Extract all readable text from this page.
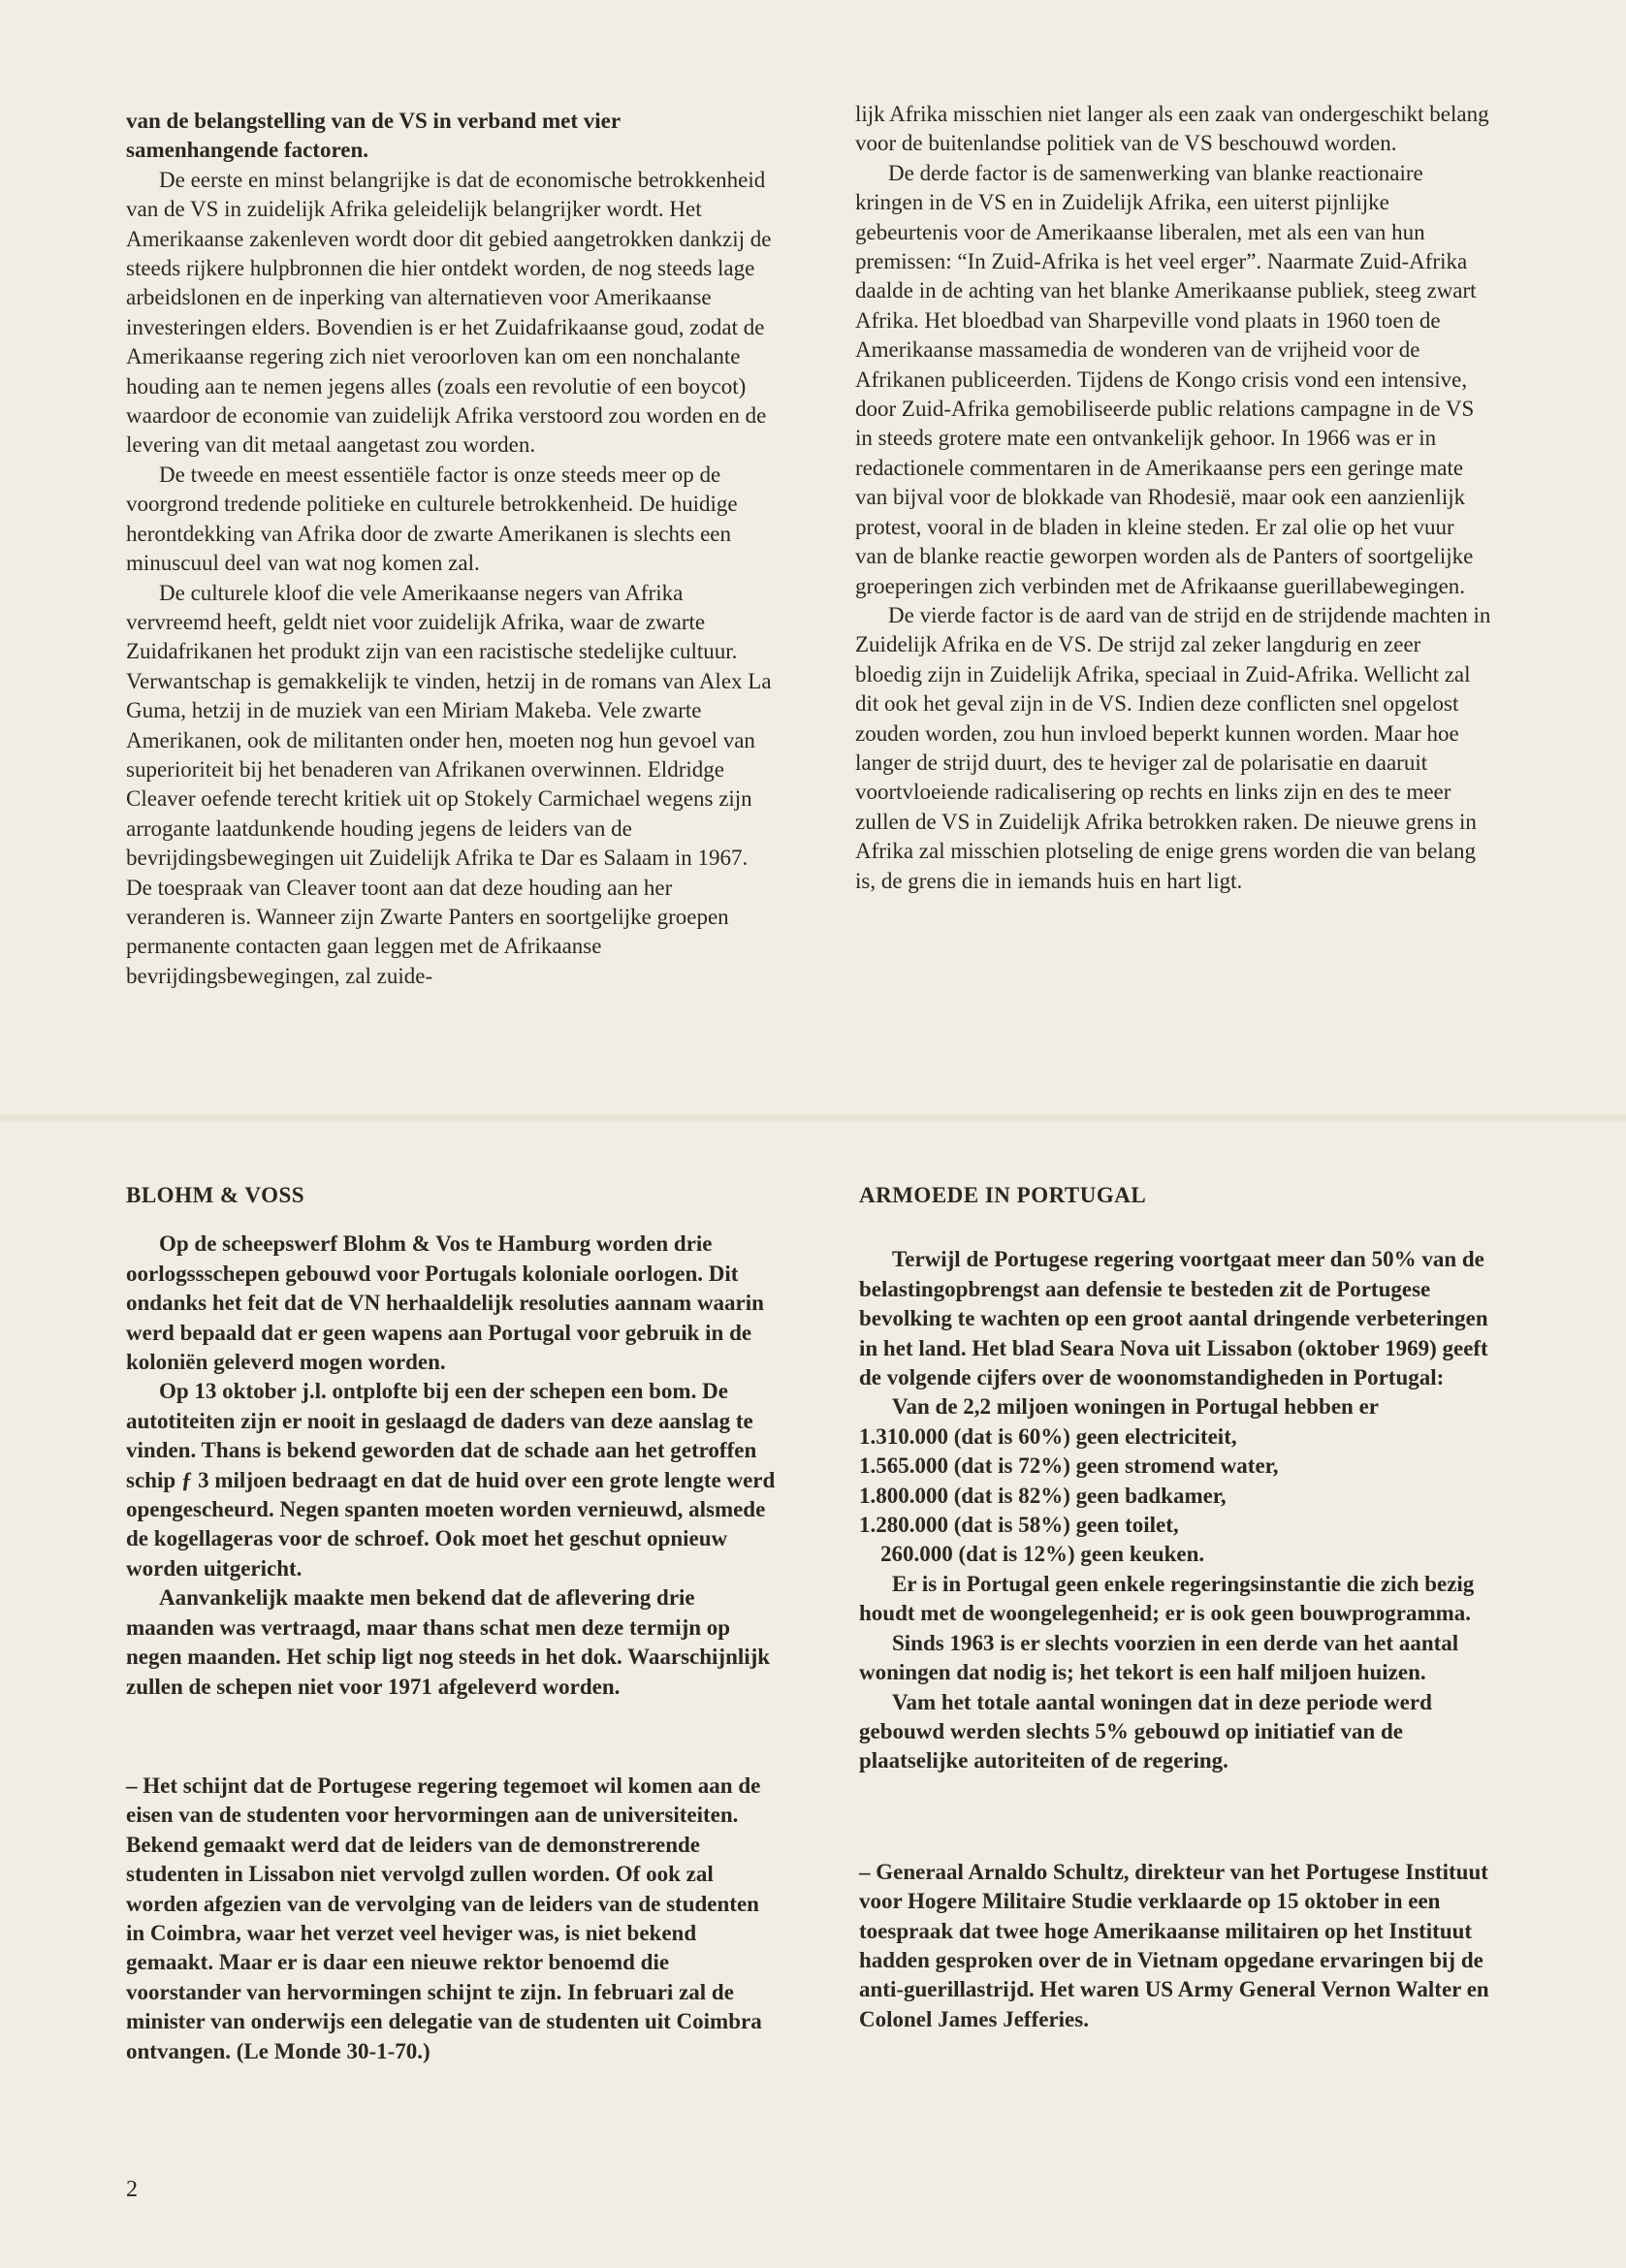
van de belangstelling van de VS in verband met vier samenhangende factoren.

De eerste en minst belangrijke is dat de economische betrokkenheid van de VS in zuidelijk Afrika geleidelijk belangrijker wordt. Het Amerikaanse zakenleven wordt door dit gebied aangetrokken dankzij de steeds rijkere hulpbronnen die hier ontdekt worden, de nog steeds lage arbeidslonen en de inperking van alternatieven voor Amerikaanse investeringen elders. Bovendien is er het Zuidafrikaanse goud, zodat de Amerikaanse regering zich niet veroorloven kan om een nonchalante houding aan te nemen jegens alles (zoals een revolutie of een boycot) waardoor de economie van zuidelijk Afrika verstoord zou worden en de levering van dit metaal aangetast zou worden.

De tweede en meest essentiële factor is onze steeds meer op de voorgrond tredende politieke en culturele betrokkenheid. De huidige herontdekking van Afrika door de zwarte Amerikanen is slechts een minuscuul deel van wat nog komen zal.

De culturele kloof die vele Amerikaanse negers van Afrika vervreemd heeft, geldt niet voor zuidelijk Afrika, waar de zwarte Zuidafrikanen het produkt zijn van een racistische stedelijke cultuur. Verwantschap is gemakkelijk te vinden, hetzij in de romans van Alex La Guma, hetzij in de muziek van een Miriam Makeba. Vele zwarte Amerikanen, ook de militanten onder hen, moeten nog hun gevoel van superioriteit bij het benaderen van Afrikanen overwinnen. Eldridge Cleaver oefende terecht kritiek uit op Stokely Carmichael wegens zijn arrogante laatdunkende houding jegens de leiders van de bevrijdingsbewegingen uit Zuidelijk Afrika te Dar es Salaam in 1967. De toespraak van Cleaver toont aan dat deze houding aan her veranderen is. Wanneer zijn Zwarte Panters en soortgelijke groepen permanente contacten gaan leggen met de Afrikaanse bevrijdingsbewegingen, zal zuide-

lijk Afrika misschien niet langer als een zaak van ondergeschikt belang voor de buitenlandse politiek van de VS beschouwd worden.

De derde factor is de samenwerking van blanke reactionaire kringen in de VS en in Zuidelijk Afrika, een uiterst pijnlijke gebeurtenis voor de Amerikaanse liberalen, met als een van hun premissen: “In Zuid-Afrika is het veel erger”. Naarmate Zuid-Afrika daalde in de achting van het blanke Amerikaanse publiek, steeg zwart Afrika. Het bloedbad van Sharpeville vond plaats in 1960 toen de Amerikaanse massamedia de wonderen van de vrijheid voor de Afrikanen publiceerden. Tijdens de Kongo crisis vond een intensive, door Zuid-Afrika gemobiliseerde public relations campagne in de VS in steeds grotere mate een ontvankelijk gehoor. In 1966 was er in redactionele commentaren in de Amerikaanse pers een geringe mate van bijval voor de blokkade van Rhodesië, maar ook een aanzienlijk protest, vooral in de bladen in kleine steden. Er zal olie op het vuur van de blanke reactie geworpen worden als de Panters of soortgelijke groeperingen zich verbinden met de Afrikaanse guerillabewegingen.

De vierde factor is de aard van de strijd en de strijdende machten in Zuidelijk Afrika en de VS. De strijd zal zeker langdurig en zeer bloedig zijn in Zuidelijk Afrika, speciaal in Zuid-Afrika. Wellicht zal dit ook het geval zijn in de VS. Indien deze conflicten snel opgelost zouden worden, zou hun invloed beperkt kunnen worden. Maar hoe langer de strijd duurt, des te heviger zal de polarisatie en daaruit voortvloeiende radicalisering op rechts en links zijn en des te meer zullen de VS in Zuidelijk Afrika betrokken raken. De nieuwe grens in Afrika zal misschien plotseling de enige grens worden die van belang is, de grens die in iemands huis en hart ligt.

BLOHM & VOSS

Op de scheepswerf Blohm & Vos te Hamburg worden drie oorlogssschepen gebouwd voor Portugals koloniale oorlogen. Dit ondanks het feit dat de VN herhaaldelijk resoluties aannam waarin werd bepaald dat er geen wapens aan Portugal voor gebruik in de koloniën geleverd mogen worden.

Op 13 oktober j.l. ontplofte bij een der schepen een bom. De autotiteiten zijn er nooit in geslaagd de daders van deze aanslag te vinden. Thans is bekend geworden dat de schade aan het getroffen schip ƒ 3 miljoen bedraagt en dat de huid over een grote lengte werd opengescheurd. Negen spanten moeten worden vernieuwd, alsmede de kogellageras voor de schroef. Ook moet het geschut opnieuw worden uitgericht.

Aanvankelijk maakte men bekend dat de aflevering drie maanden was vertraagd, maar thans schat men deze termijn op negen maanden. Het schip ligt nog steeds in het dok. Waarschijnlijk zullen de schepen niet voor 1971 afgeleverd worden.

– Het schijnt dat de Portugese regering tegemoet wil komen aan de eisen van de studenten voor hervormingen aan de universiteiten. Bekend gemaakt werd dat de leiders van de demonstrerende studenten in Lissabon niet vervolgd zullen worden. Of ook zal worden afgezien van de vervolging van de leiders van de studenten in Coimbra, waar het verzet veel heviger was, is niet bekend gemaakt. Maar er is daar een nieuwe rektor benoemd die voorstander van hervormingen schijnt te zijn. In februari zal de minister van onderwijs een delegatie van de studenten uit Coimbra ontvangen. (Le Monde 30-1-70.)

ARMOEDE IN PORTUGAL

Terwijl de Portugese regering voortgaat meer dan 50% van de belastingopbrengst aan defensie te besteden zit de Portugese bevolking te wachten op een groot aantal dringende verbeteringen in het land. Het blad Seara Nova uit Lissabon (oktober 1969) geeft de volgende cijfers over de woonomstandigheden in Portugal:

Van de 2,2 miljoen woningen in Portugal hebben er

1.310.000 (dat is 60%) geen electriciteit,

1.565.000 (dat is 72%) geen stromend water,

1.800.000 (dat is 82%) geen badkamer,

1.280.000 (dat is 58%) geen toilet,

260.000 (dat is 12%) geen keuken.

Er is in Portugal geen enkele regeringsinstantie die zich bezig houdt met de woongelegenheid; er is ook geen bouwprogramma.

Sinds 1963 is er slechts voorzien in een derde van het aantal woningen dat nodig is; het tekort is een half miljoen huizen.

Vam het totale aantal woningen dat in deze periode werd gebouwd werden slechts 5% gebouwd op initiatief van de plaatselijke autoriteiten of de regering.

– Generaal Arnaldo Schultz, direkteur van het Portugese Instituut voor Hogere Militaire Studie verklaarde op 15 oktober in een toespraak dat twee hoge Amerikaanse militairen op het Instituut hadden gesproken over de in Vietnam opgedane ervaringen bij de anti-guerillastrijd. Het waren US Army General Vernon Walter en Colonel James Jefferies.

2
